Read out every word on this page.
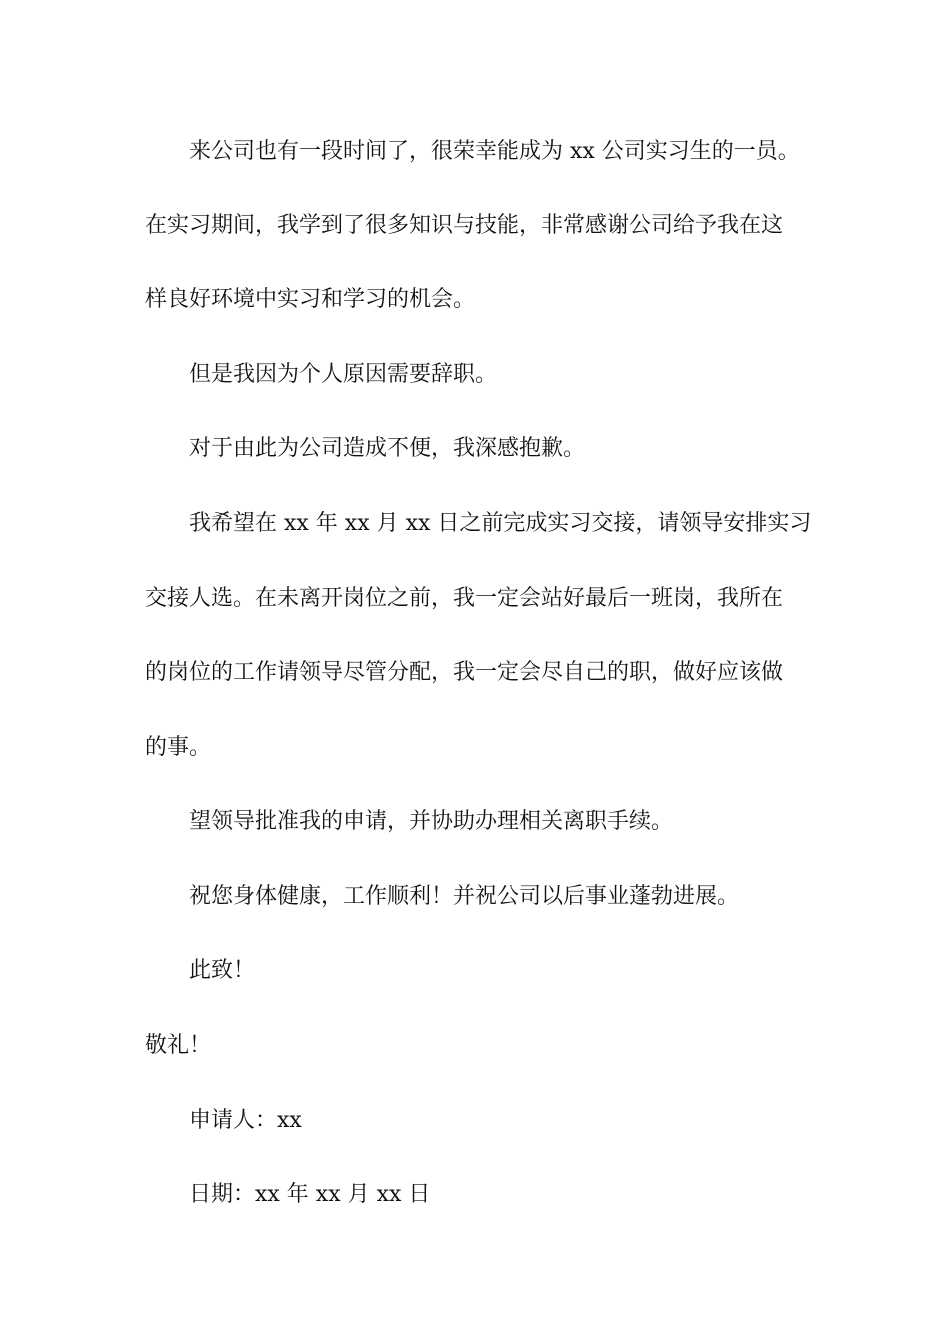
来公司也有一段时间了，很荣幸能成为 xx 公司实习生的一员。
在实习期间，我学到了很多知识与技能，非常感谢公司给予我在这
样良好环境中实习和学习的机会。
但是我因为个人原因需要辞职。
对于由此为公司造成不便，我深感抱歉。
我希望在 xx 年 xx 月 xx 日之前完成实习交接，请领导安排实习
交接人选。在未离开岗位之前，我一定会站好最后一班岗，我所在
的岗位的工作请领导尽管分配，我一定会尽自己的职，做好应该做
的事。
望领导批准我的申请，并协助办理相关离职手续。
祝您身体健康，工作顺利！并祝公司以后事业蓬勃进展。
此致！
敬礼！
申请人：xx
日期：xx 年 xx 月 xx 日
